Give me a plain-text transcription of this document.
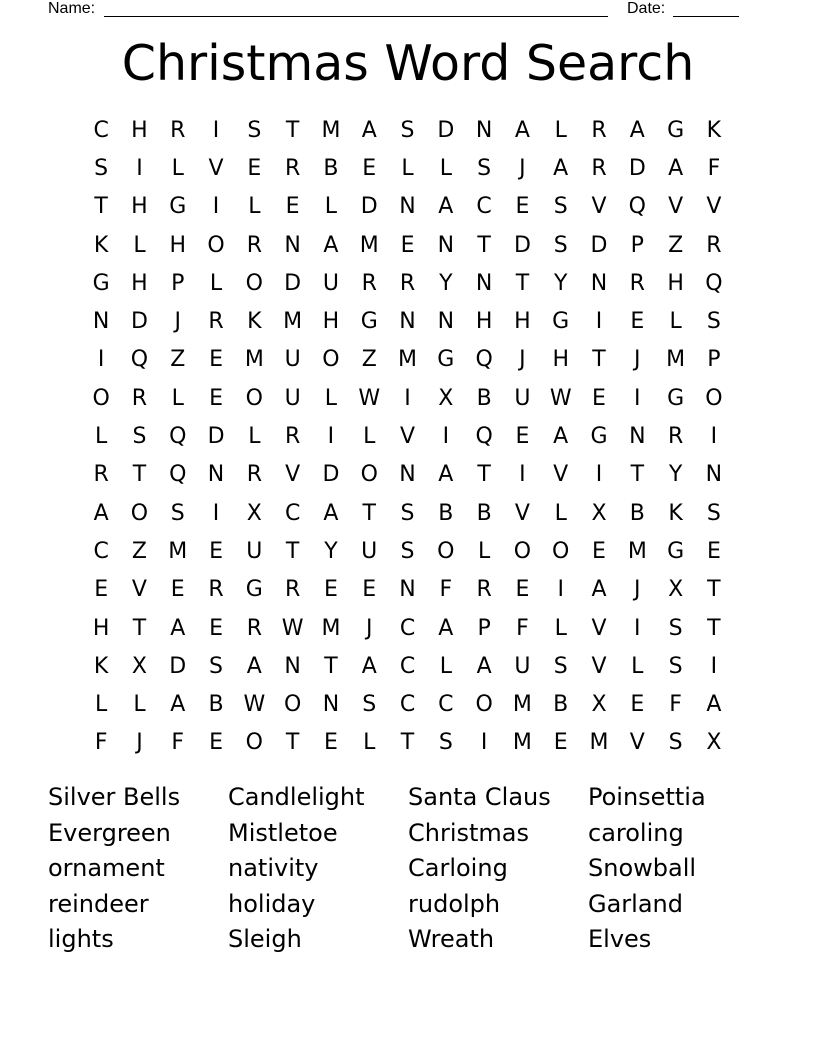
Name:	Date:
Christmas Word Search
C	H	R	I	S	T	M A	S	D N	A	L	R	A	G	K
S	I	L	V	E	R	B	E	L	L	S	J	A	R	D	A	F
T	H G	I	L	E	L	D N	A	C	E	S	V	Q	V	V
K	L	H O R	N	A M E	N	T	D	S	D	P	Z	R
G H	P	L	O D U	R	R	Y	N	T	Y	N	R	H Q
N D	J	R	K M H G N N H H G	I	E	L	S
I	Q	Z	E M U O	Z M G Q	J	H	T	J	M	P
O R	L	E	O U	L W	I	X	B	U W E	I	G O
L	S	Q D	L	R	I	L	V	I	Q	E	A	G N	R	I
R	T	Q N	R	V	D O N	A	T	I	V	I	T	Y	N
A	O	S	I	X	C	A	T	S	B	B	V	L	X	B	K	S
C	Z M E	U	T	Y	U	S	O	L	O O	E M G	E
E	V	E	R	G	R	E	E	N	F	R	E	I	A	J	X	T
H	T	A	E	R W M	J	C	A	P	F	L	V	I	S	T
K	X	D	S	A	N	T	A	C	L	A	U	S	V	L	S	I
L	L	A	B W O N	S	C	C O M B	X	E	F	A
F	J	F	E	O	T	E	L	T	S	I	M E M V	S	X
Silver Bells	Candlelight	Santa Claus	Poinsettia
Evergreen	Mistletoe	Christmas	caroling
ornament	nativity	Carloing	Snowball
reindeer	holiday	rudolph	Garland
lights	Sleigh	Wreath	Elves
